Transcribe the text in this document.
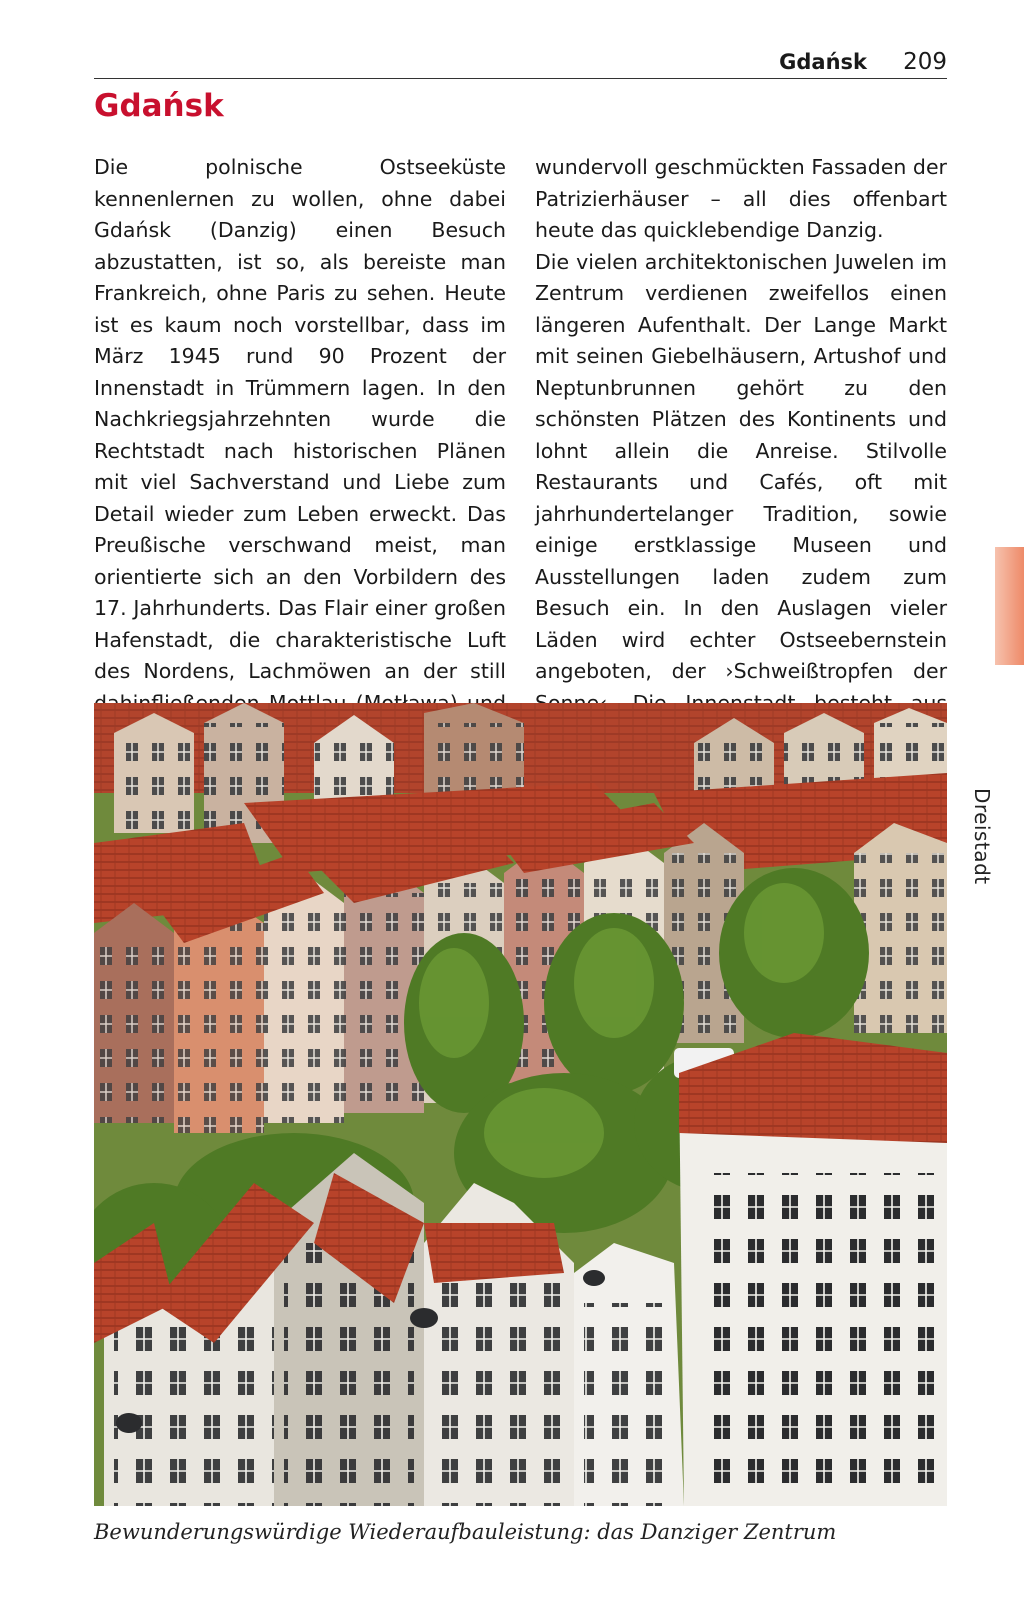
Gdańsk 209
Gdańsk

Die polnische Ostseeküste kennenlernen zu wollen, ohne dabei Gdańsk (Danzig) einen Besuch abzustatten, ist so, als bereiste man Frankreich, ohne Paris zu sehen. Heute ist es kaum noch vorstellbar, dass im März 1945 rund 90 Prozent der Innenstadt in Trümmern lagen. In den Nachkriegsjahrzehnten wurde die Rechtstadt nach historischen Plänen mit viel Sachverstand und Liebe zum Detail wieder zum Leben erweckt. Das Preußische verschwand meist, man orientierte sich an den Vorbildern des 17. Jahrhunderts. Das Flair einer großen Hafenstadt, die charakteristische Luft des Nordens, Lachmöwen an der still

wundervoll geschmückten Fassaden der Patrizierhäuser – all dies offenbart heute das quicklebendige Danzig.

Die vielen architektonischen Juwelen im Zentrum verdienen zweifellos einen längeren Aufenthalt. Der Lange Markt mit seinen Giebelhäusern, Artushof und Neptunbrunnen gehört zu den schönsten Plätzen des Kontinents und lohnt allein die Anreise. Stilvolle Restaurants und Cafés, oft mit jahrhundertelanger Tradition, sowie einige erstklassige Museen und Ausstellungen laden zudem zum Besuch ein. In den Auslagen vieler Läden wird echter Ostseebernstein angeboten, der ›Schweißtropfen der

Dreistadt
Bewunderungswürdige Wiederaufbauleistung: das Danziger Zentrum
